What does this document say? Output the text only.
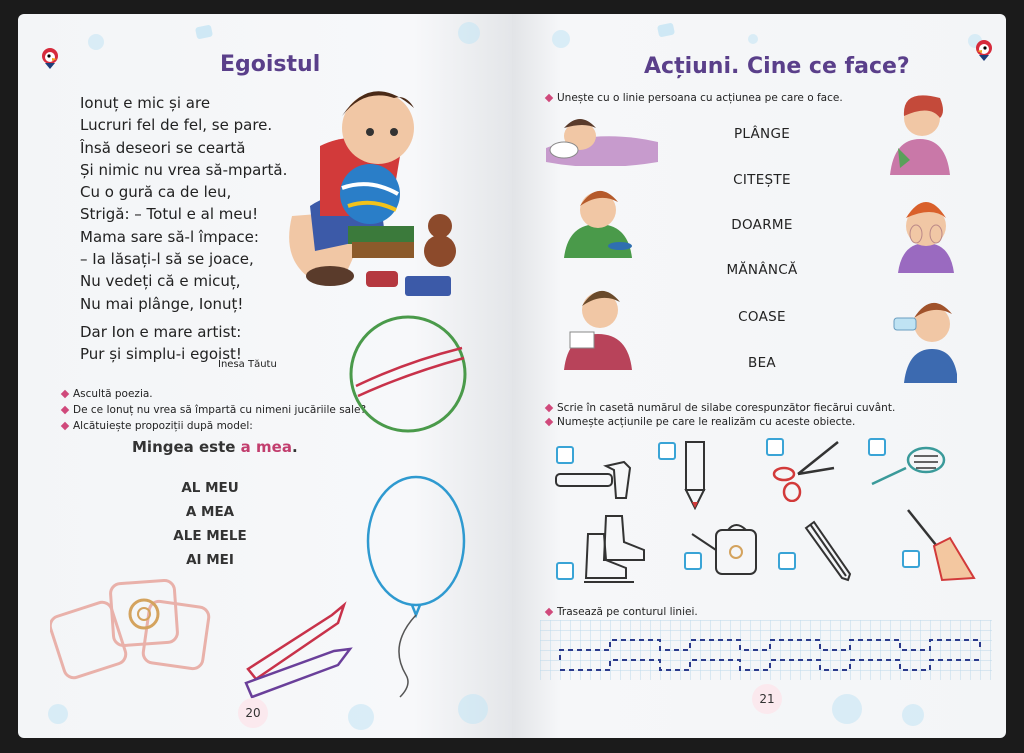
Egoistul
Ionuț e mic și are
Lucruri fel de fel, se pare.
Însă deseori se ceartă
Și nimic nu vrea să-mpartă.
Cu o gură ca de leu,
Strigă: – Totul e al meu!
Mama sare să-l împace:
– Ia lăsați-l să se joace,
Nu vedeți că e micuț,
Nu mai plânge, Ionuț!
Dar Ion e mare artist:
Pur și simplu-i egoist!
Inesa Tăutu
Ascultă poezia.
De ce Ionuț nu vrea să împartă cu nimeni jucăriile sale?
Alcătuiește propoziții după model:
Mingea este a mea.
AL MEU
A MEA
ALE MELE
AI MEI
20
Acțiuni. Cine ce face?
Unește cu o linie persoana cu acțiunea pe care o face.
PLÂNGE
CITEȘTE
DOARME
MĂNÂNCĂ
COASE
BEA
Scrie în casetă numărul de silabe corespunzător fiecărui cuvânt.
Numește acțiunile pe care le realizăm cu aceste obiecte.
Trasează pe conturul liniei.
21
